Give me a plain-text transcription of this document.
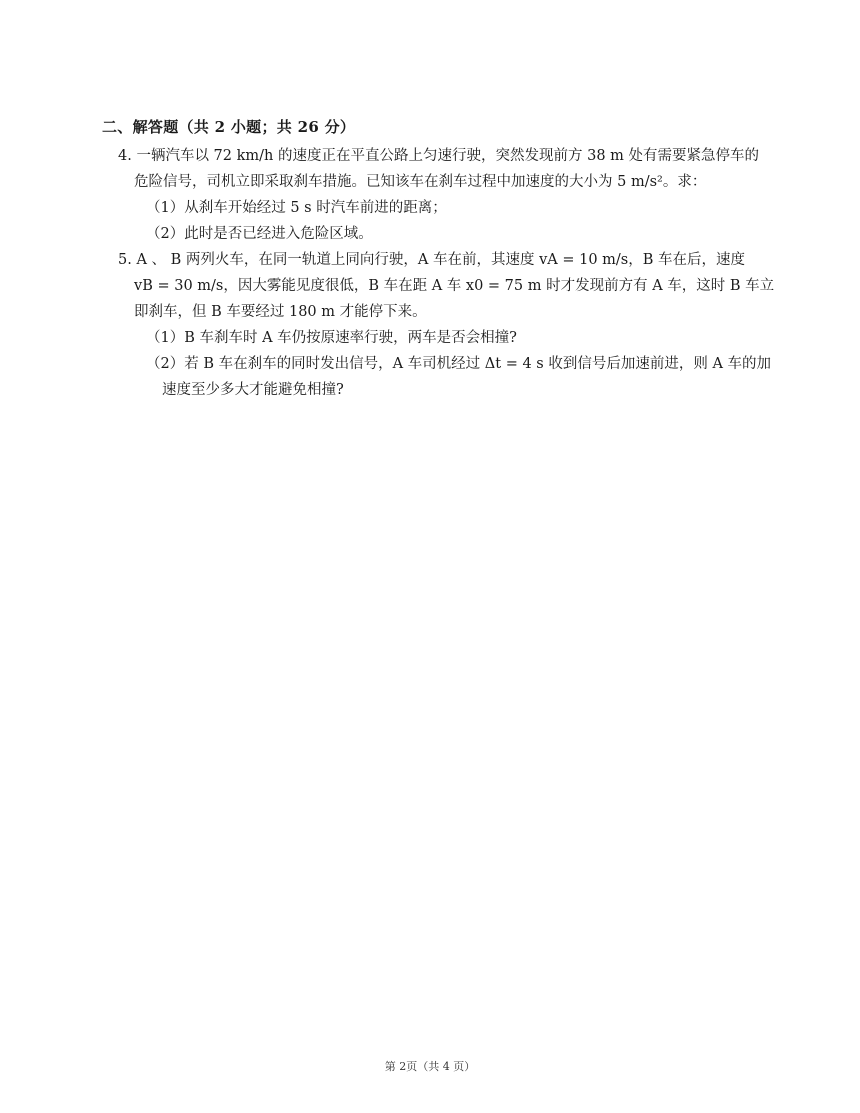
二、解答题（共 2 小题；共 26 分）
4. 一辆汽车以 72 km/h 的速度正在平直公路上匀速行驶，突然发现前方 38 m 处有需要紧急停车的
危险信号，司机立即采取刹车措施。已知该车在刹车过程中加速度的大小为 5 m/s²。求：
（1）从刹车开始经过 5 s 时汽车前进的距离；
（2）此时是否已经进入危险区域。
5. A 、 B 两列火车，在同一轨道上同向行驶，A 车在前，其速度 vA = 10 m/s，B 车在后，速度
vB = 30 m/s，因大雾能见度很低，B 车在距 A 车 x0 = 75 m 时才发现前方有 A 车，这时 B 车立
即刹车，但 B 车要经过 180 m 才能停下来。
（1）B 车刹车时 A 车仍按原速率行驶，两车是否会相撞?
（2）若 B 车在刹车的同时发出信号，A 车司机经过 Δt = 4 s 收到信号后加速前进，则 A 车的加
速度至少多大才能避免相撞?
第 2页（共 4 页）
